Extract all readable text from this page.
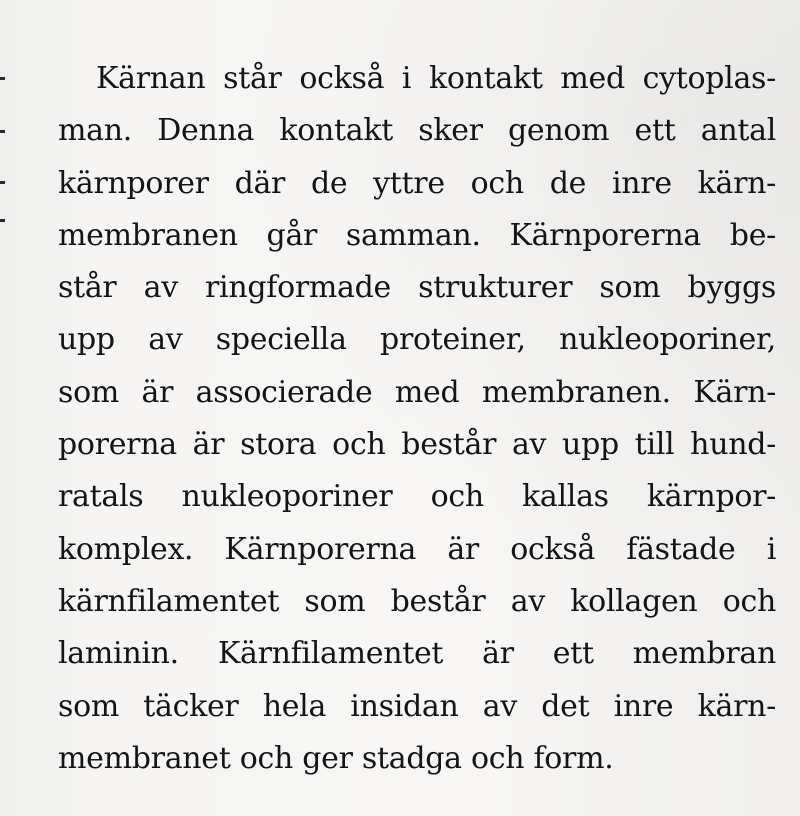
Kärnan står också i kontakt med cytoplas-
man. Denna kontakt sker genom ett antal
kärnporer där de yttre och de inre kärn-
membranen går samman. Kärnporerna be-
står av ringformade strukturer som byggs
upp av speciella proteiner, nukleoporiner,
som är associerade med membranen. Kärn-
porerna är stora och består av upp till hund-
ratals nukleoporiner och kallas kärnpor-
komplex. Kärnporerna är också fästade i
kärnfilamentet som består av kollagen och
laminin. Kärnfilamentet är ett membran
som täcker hela insidan av det inre kärn-
membranet och ger stadga och form.
